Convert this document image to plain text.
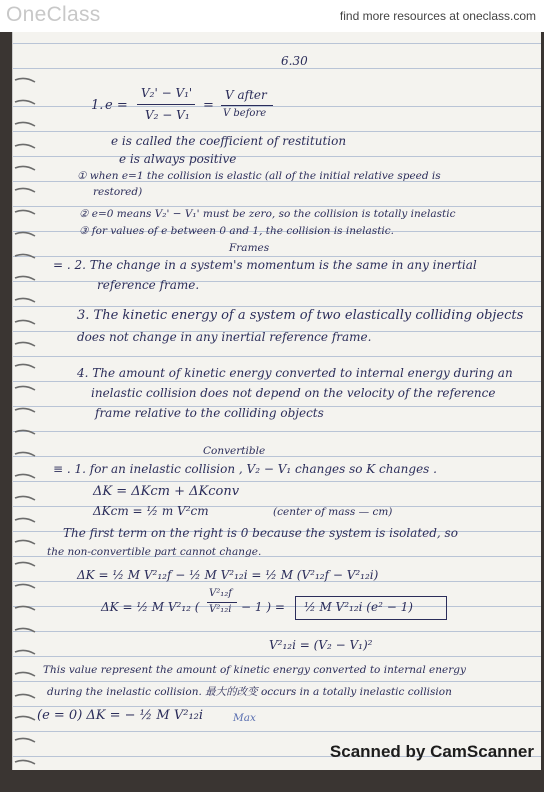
OneClass	find more resources at oneclass.com
6.30
1. e =
V₂' − V₁'
V₂ − V₁
=
V after
V before
e is called the coefficient of restitution
e is always positive
① when e=1 the collision is elastic (all of the initial relative speed is
restored)
② e=0 means V₂' − V₁' must be zero, so the collision is totally inelastic
③ for values of e between 0 and 1, the collision is inelastic.
Frames
= . 2. The change in a system's momentum is the same in any inertial
reference frame.
3. The kinetic energy of a system of two elastically colliding objects
does not change in any inertial reference frame.
4. The amount of kinetic energy converted to internal energy during an
inelastic collision does not depend on the velocity of the reference
frame relative to the colliding objects
Convertible
≡ . 1. for an inelastic collision , V₂ − V₁ changes so K changes .
ΔK = ΔKcm + ΔKconv
ΔKcm = ½ m V²cm	(center of mass — cm)
The first term on the right is 0 because the system is isolated, so
the non-convertible part cannot change.
ΔK = ½ M V²₁₂f − ½ M V²₁₂i = ½ M (V²₁₂f − V²₁₂i)
ΔK = ½ M V²₁₂ (
V²₁₂f
V²₁₂i − 1 ) = ½ M V²₁₂i (e² − 1)
V²₁₂i = (V₂ − V₁)²
This value represent the amount of kinetic energy converted to internal energy
during the inelastic collision. 最大的改变 occurs in a totally inelastic collision
(e = 0) ΔK = − ½ M V²₁₂i	Max
Scanned by CamScanner
